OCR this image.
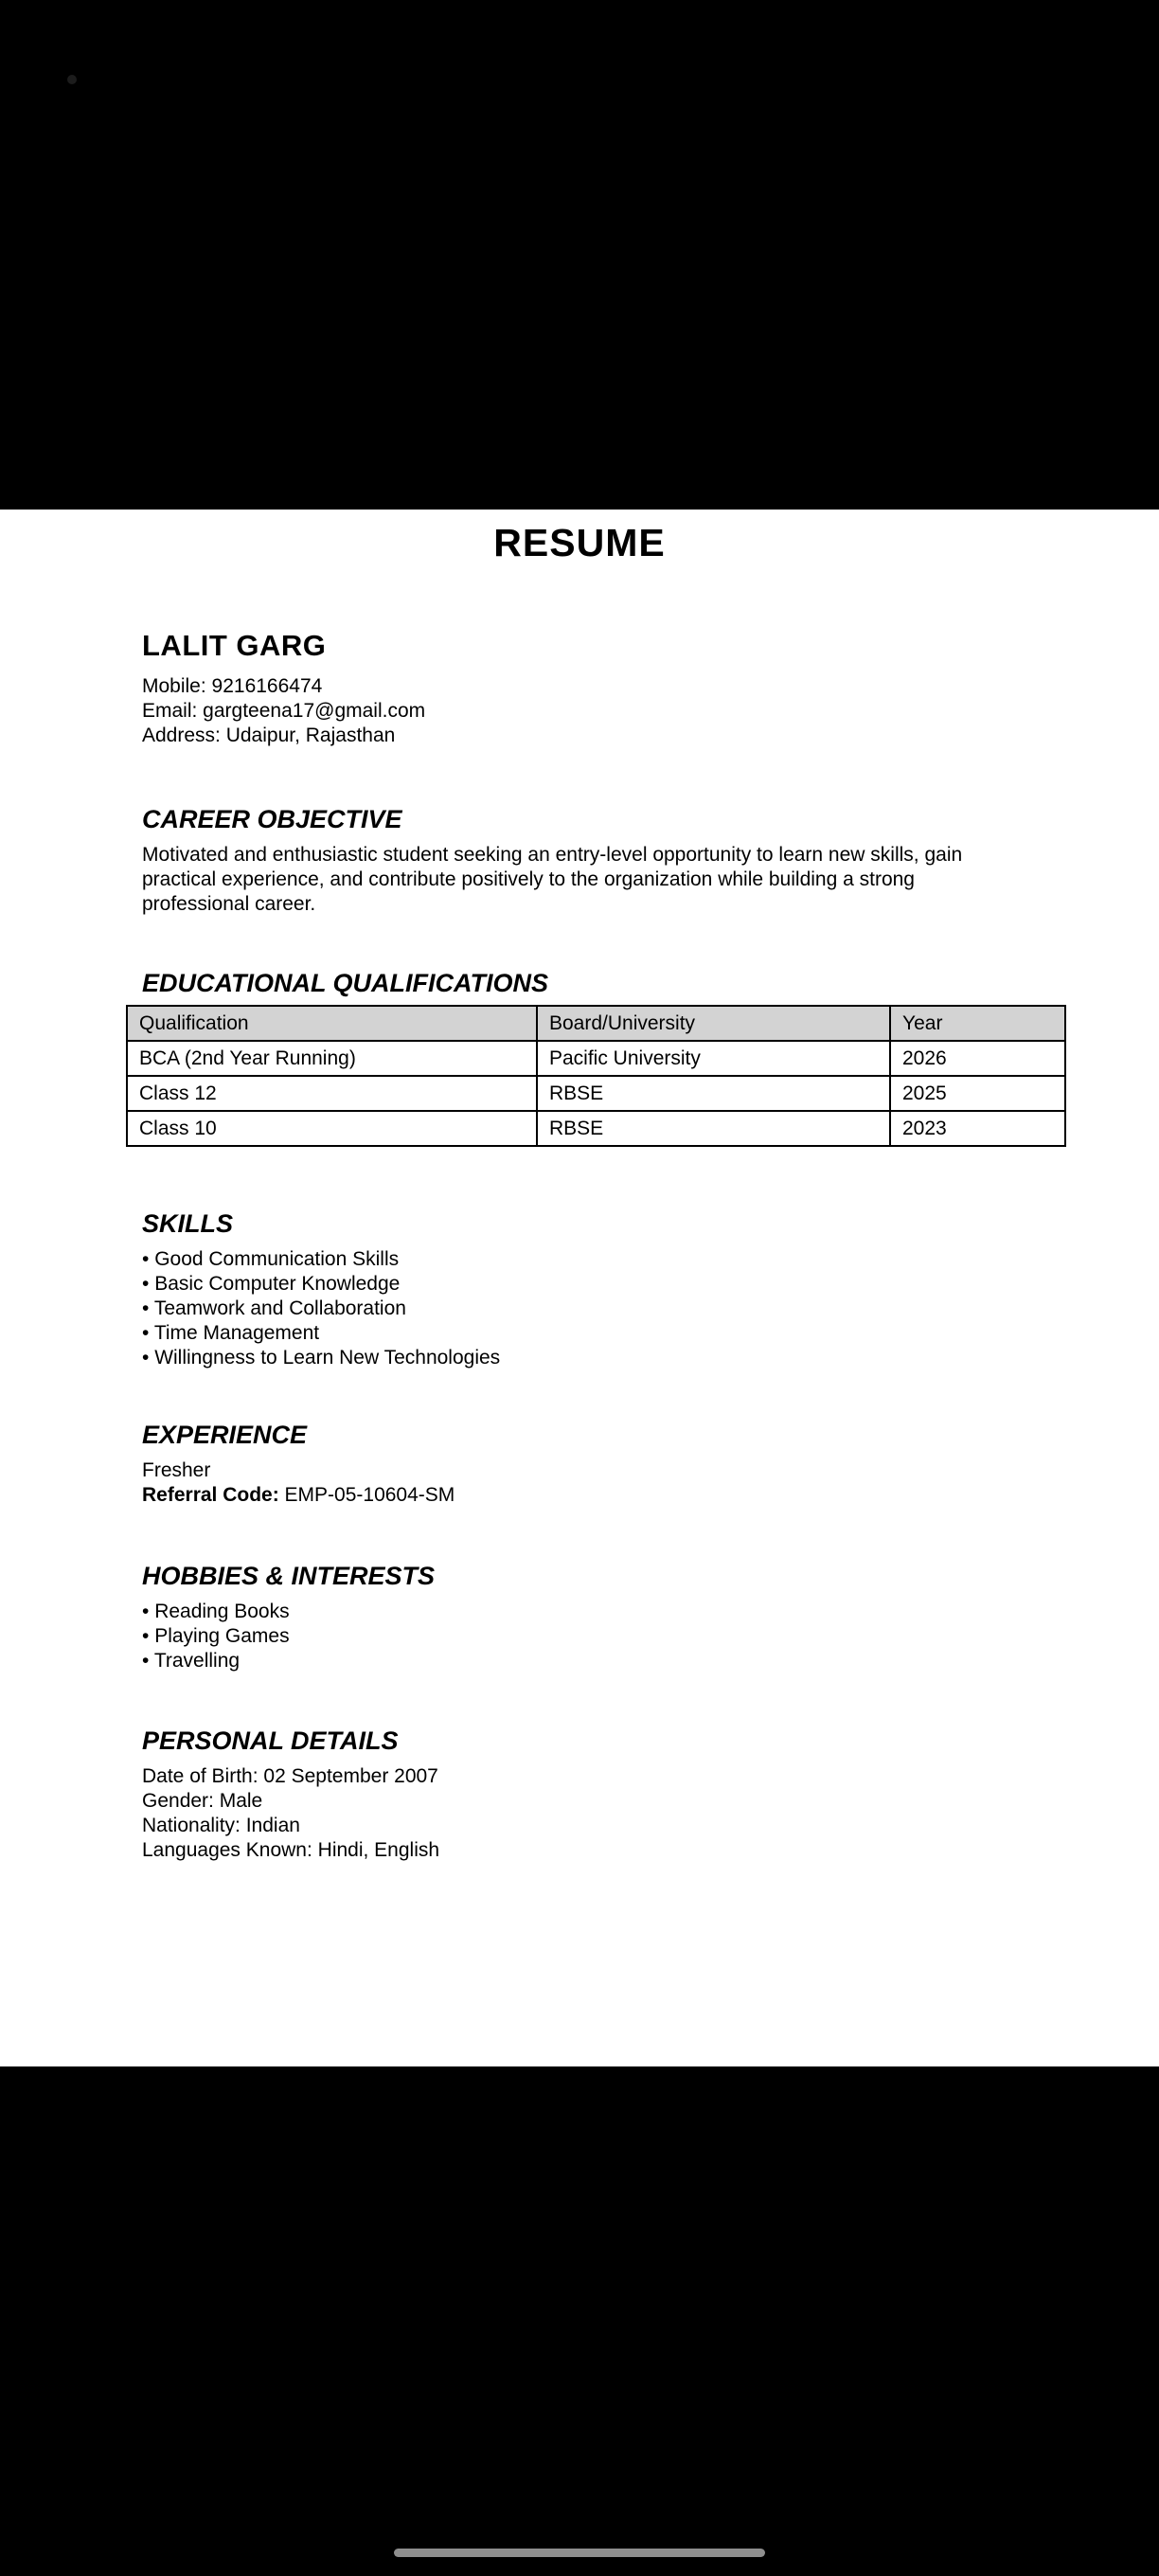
RESUME
LALIT GARG

Mobile: 9216166474

Email: gargteena17@gmail.com

Address: Udaipur, Rajasthan

CAREER OBJECTIVE

Motivated and enthusiastic student seeking an entry-level opportunity to learn new skills, gain practical experience, and contribute positively to the organization while building a strong professional career.

EDUCATIONAL QUALIFICATIONS
Qualification	Board/University	Year
BCA (2nd Year Running)	Pacific University	2026
Class 12	RBSE	2025
Class 10	RBSE	2023
SKILLS
• Good Communication Skills
• Basic Computer Knowledge
• Teamwork and Collaboration
• Time Management
• Willingness to Learn New Technologies
EXPERIENCE

Fresher

Referral Code: EMP-05-10604-SM

HOBBIES & INTERESTS
• Reading Books
• Playing Games
• Travelling
PERSONAL DETAILS

Date of Birth: 02 September 2007

Gender: Male

Nationality: Indian

Languages Known: Hindi, English
